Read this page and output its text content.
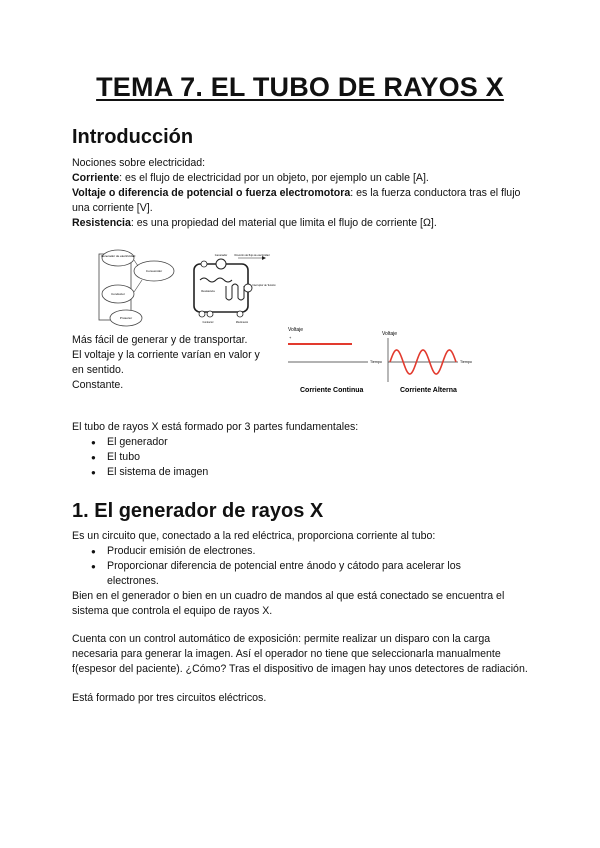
TEMA 7. EL TUBO DE RAYOS X
Introducción
Nociones sobre electricidad:
Corriente: es el flujo de electricidad por un objeto, por ejemplo un cable [A].
Voltaje o diferencia de potencial o fuerza electromotora: es la fuerza conductora tras el flujo una corriente [V].
Resistencia: es una propiedad del material que limita el flujo de corriente [Ω].
Generador de electricidad
Consumidor
Conductor
Protector
Generador
Resistencia
Dirección del flujo de electricidad
Interruptor de Tensión
Conductor	Movimiento
Más fácil de generar y de transportar.
El voltaje y la corriente varían en valor y en sentido.
Constante.
Voltaje
+
Tiempo
Corriente Continua
Voltaje
Tiempo
Corriente Alterna
El tubo de rayos X está formado por 3 partes fundamentales:
● El generador
● El tubo
● El sistema de imagen
1. El generador de rayos X
Es un circuito que, conectado a la red eléctrica, proporciona corriente al tubo:
● Producir emisión de electrones.
● Proporcionar diferencia de potencial entre ánodo y cátodo para acelerar los electrones.
Bien en el generador o bien en un cuadro de mandos al que está conectado se encuentra el sistema que controla el equipo de rayos X.
Cuenta con un control automático de exposición: permite realizar un disparo con la carga necesaria para generar la imagen. Así el operador no tiene que seleccionarla manualmente f(espesor del paciente). ¿Cómo? Tras el dispositivo de imagen hay unos detectores de radiación.
Está formado por tres circuitos eléctricos.
